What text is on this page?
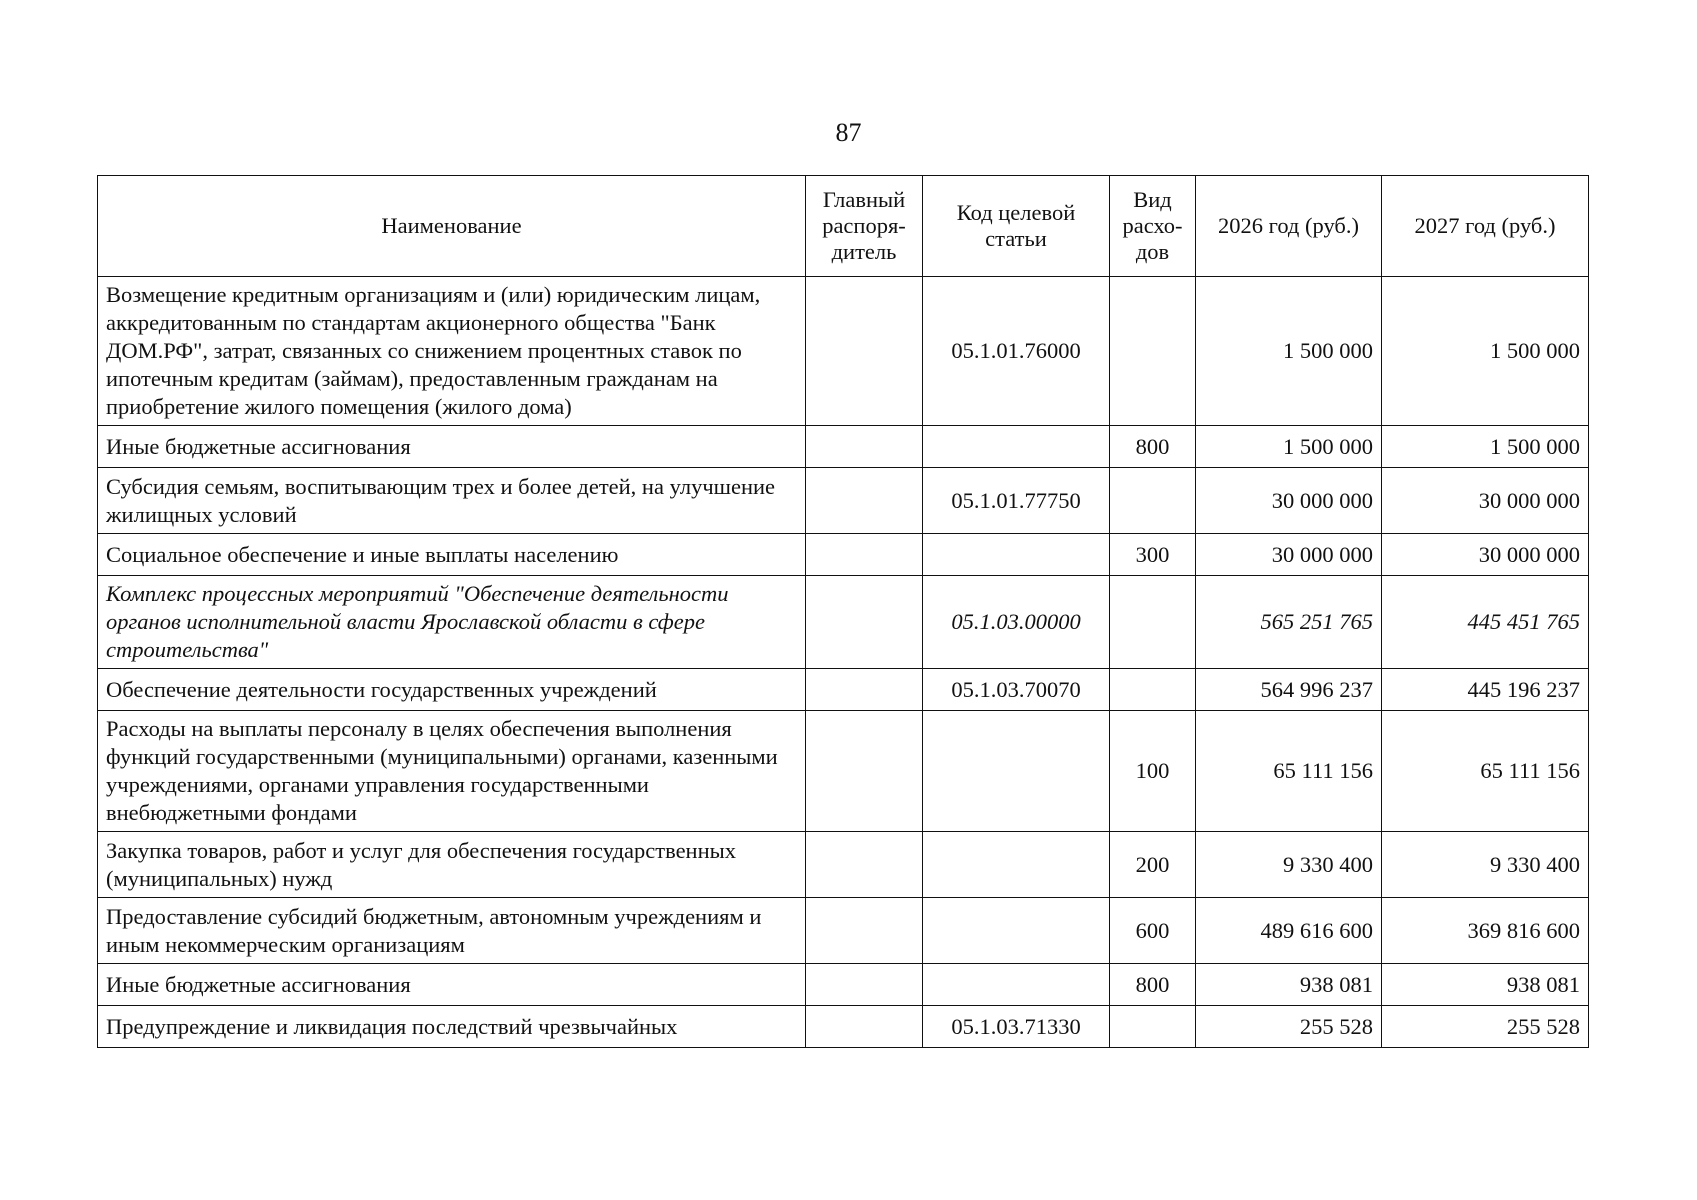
87
Наименование	Главный распоря-дитель	Код целевой статьи	Вид расхо-дов	2026 год (руб.)	2027 год (руб.)
Возмещение кредитным организациям и (или) юридическим лицам, аккредитованным по стандартам акционерного общества "Банк ДОМ.РФ", затрат, связанных со снижением процентных ставок по ипотечным кредитам (займам), предоставленным гражданам на приобретение жилого помещения (жилого дома)		05.1.01.76000		1 500 000	1 500 000
Иные бюджетные ассигнования			800	1 500 000	1 500 000
Субсидия семьям, воспитывающим трех и более детей, на улучшение жилищных условий		05.1.01.77750		30 000 000	30 000 000
Социальное обеспечение и иные выплаты населению			300	30 000 000	30 000 000
Комплекс процессных мероприятий "Обеспечение деятельности органов исполнительной власти Ярославской области в сфере строительства"		05.1.03.00000		565 251 765	445 451 765
Обеспечение деятельности государственных учреждений		05.1.03.70070		564 996 237	445 196 237
Расходы на выплаты персоналу в целях обеспечения выполнения функций государственными (муниципальными) органами, казенными учреждениями, органами управления государственными внебюджетными фондами			100	65 111 156	65 111 156
Закупка товаров, работ и услуг для обеспечения государственных (муниципальных) нужд			200	9 330 400	9 330 400
Предоставление субсидий бюджетным, автономным учреждениям и иным некоммерческим организациям			600	489 616 600	369 816 600
Иные бюджетные ассигнования			800	938 081	938 081
Предупреждение и ликвидация последствий чрезвычайных		05.1.03.71330		255 528	255 528
